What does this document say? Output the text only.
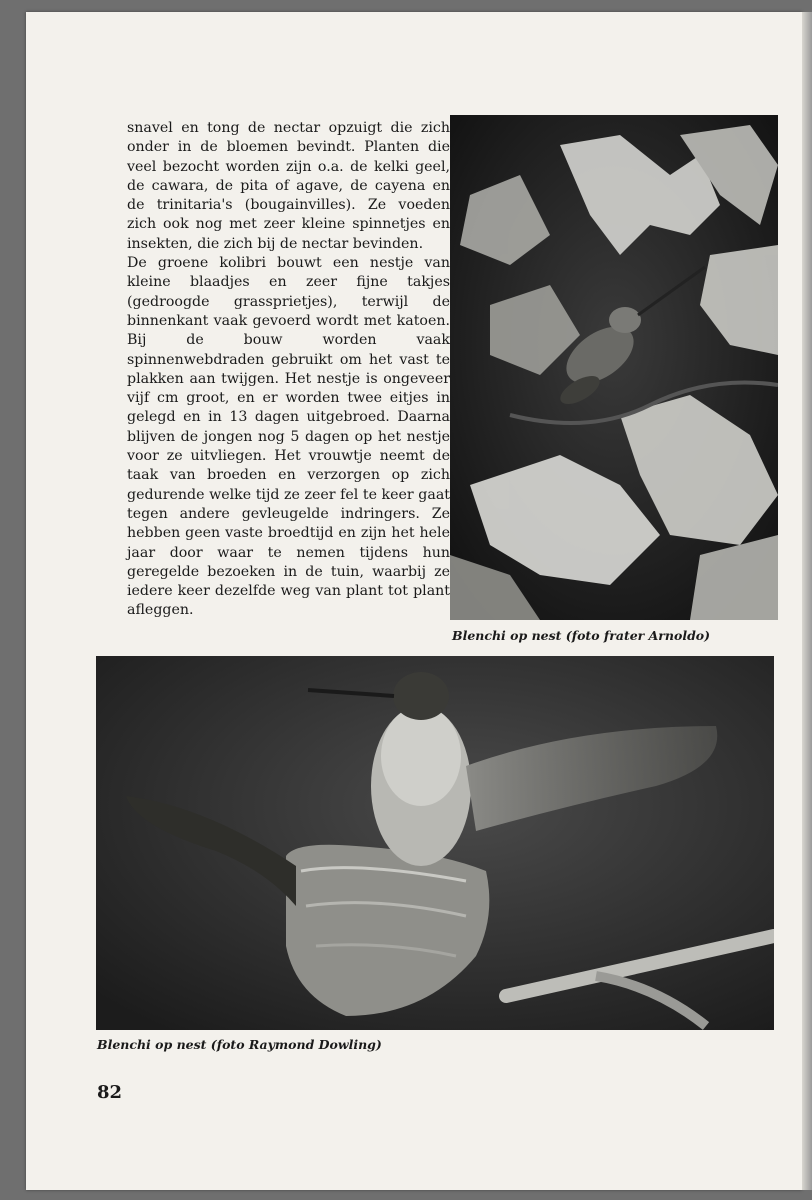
snavel en tong de nectar opzuigt die zich onder in de bloemen bevindt. Planten die veel bezocht worden zijn o.a. de kelki geel, de cawara, de pita of agave, de cayena en de trinitaria's (bougainvilles). Ze voeden zich ook nog met zeer kleine spinnetjes en insekten, die zich bij de nectar bevinden.

De groene kolibri bouwt een nestje van kleine blaadjes en zeer fijne takjes (gedroogde grassprietjes), terwijl de binnenkant vaak gevoerd wordt met katoen. Bij de bouw worden vaak spinnenwebdraden gebruikt om het vast te plakken aan twijgen. Het nestje is ongeveer vijf cm groot, en er worden twee eitjes in gelegd en in 13 dagen uitgebroed. Daarna blijven de jongen nog 5 dagen op het nestje voor ze uitvliegen. Het vrouwtje neemt de taak van broeden en verzorgen op zich gedurende welke tijd ze zeer fel te keer gaat tegen andere gevleugelde indringers. Ze hebben geen vaste broedtijd en zijn het hele jaar door waar te nemen tijdens hun geregelde bezoeken in de tuin, waarbij ze iedere keer dezelfde weg van plant tot plant afleggen.

Blenchi op nest (foto frater Arnoldo)
Blenchi op nest (foto Raymond Dowling)
82
